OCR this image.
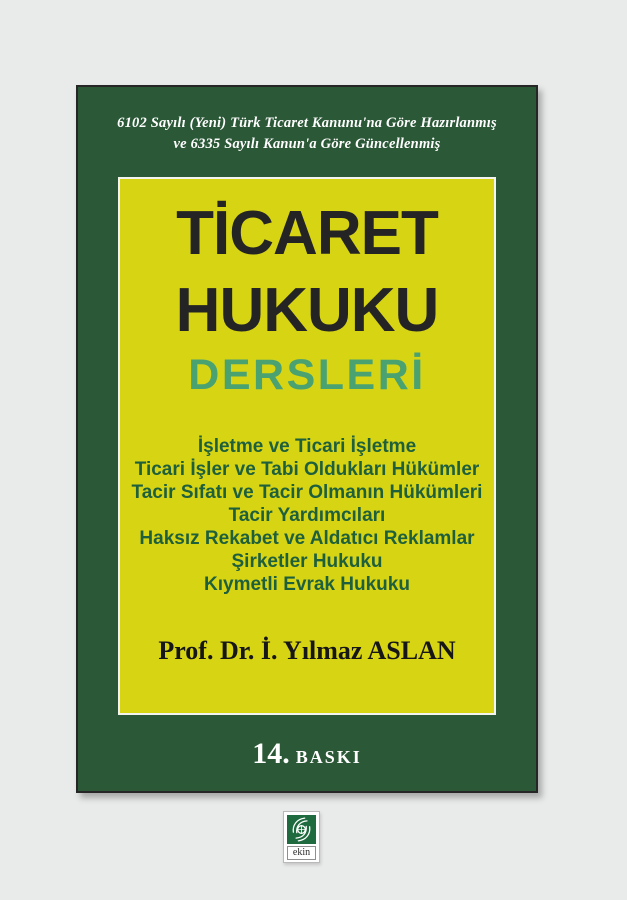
6102 Sayılı (Yeni) Türk Ticaret Kanunu'na Göre Hazırlanmış
ve 6335 Sayılı Kanun'a Göre Güncellenmiş
TİCARET
HUKUKU
DERSLERİ
İşletme ve Ticari İşletme
Ticari İşler ve Tabi Oldukları Hükümler
Tacir Sıfatı ve Tacir Olmanın Hükümleri
Tacir Yardımcıları
Haksız Rekabet ve Aldatıcı Reklamlar
Şirketler Hukuku
Kıymetli Evrak Hukuku
Prof. Dr. İ. Yılmaz ASLAN
14. BASKI
ekin
